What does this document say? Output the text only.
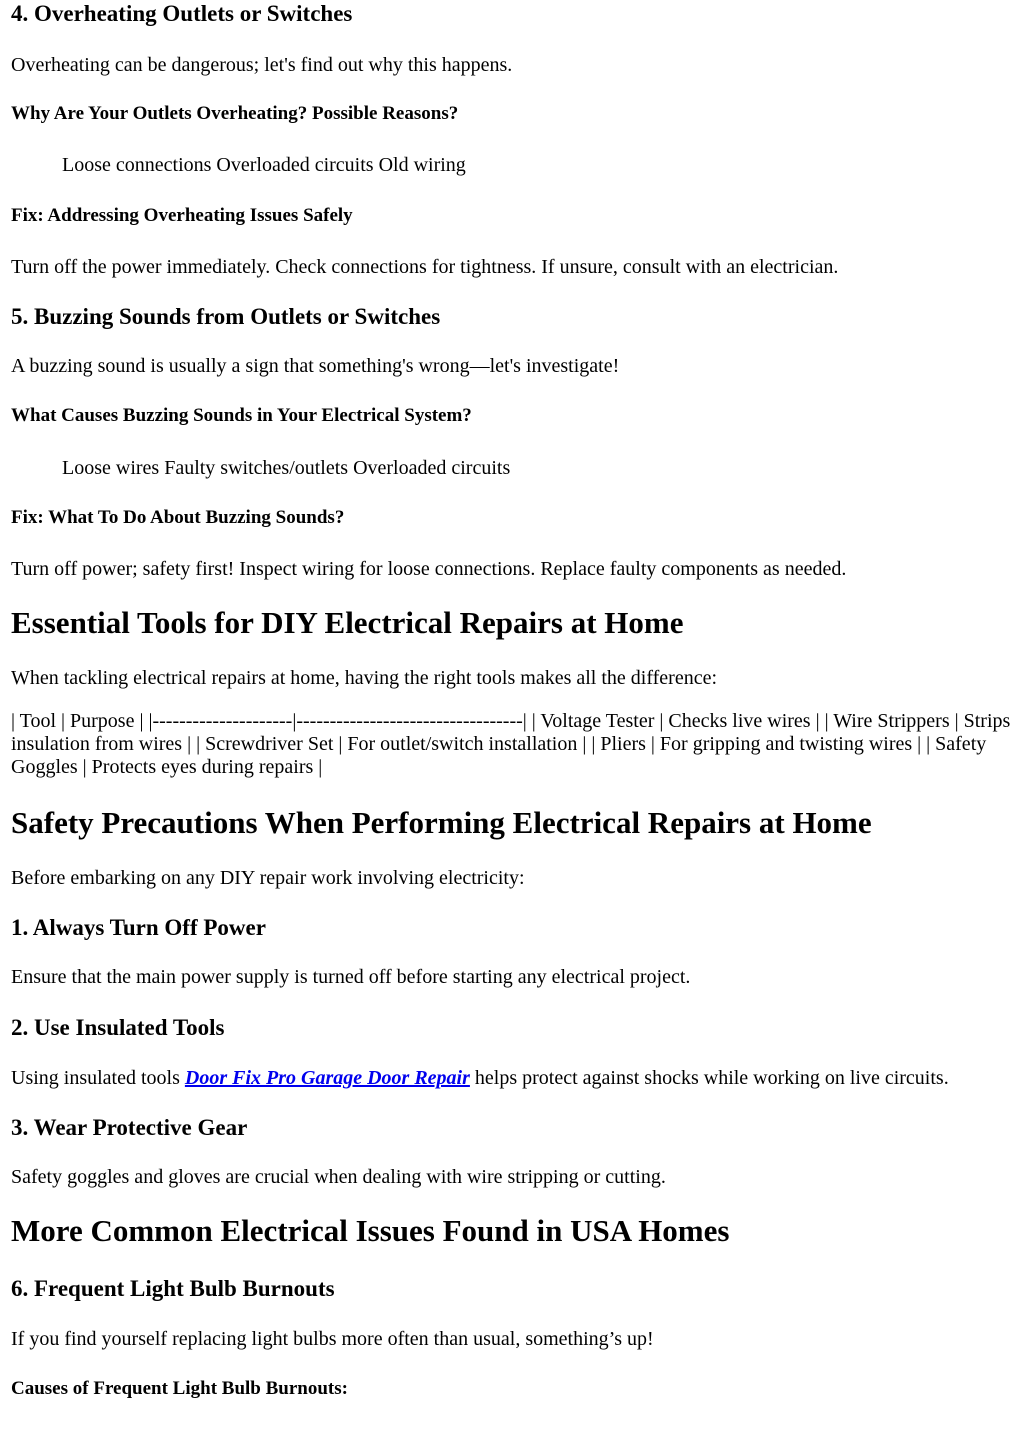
4. Overheating Outlets or Switches
Overheating can be dangerous; let's find out why this happens.
Why Are Your Outlets Overheating? Possible Reasons?
Loose connections Overloaded circuits Old wiring
Fix: Addressing Overheating Issues Safely
Turn off the power immediately. Check connections for tightness. If unsure, consult with an electrician.
5. Buzzing Sounds from Outlets or Switches
A buzzing sound is usually a sign that something's wrong—let's investigate!
What Causes Buzzing Sounds in Your Electrical System?
Loose wires Faulty switches/outlets Overloaded circuits
Fix: What To Do About Buzzing Sounds?
Turn off power; safety first! Inspect wiring for loose connections. Replace faulty components as needed.
Essential Tools for DIY Electrical Repairs at Home
When tackling electrical repairs at home, having the right tools makes all the difference:
| Tool | Purpose | |---------------------|----------------------------------| | Voltage Tester | Checks live wires | | Wire Strippers | Strips insulation from wires | | Screwdriver Set | For outlet/switch installation | | Pliers | For gripping and twisting wires | | Safety Goggles | Protects eyes during repairs |
Safety Precautions When Performing Electrical Repairs at Home
Before embarking on any DIY repair work involving electricity:
1. Always Turn Off Power
Ensure that the main power supply is turned off before starting any electrical project.
2. Use Insulated Tools
Using insulated tools Door Fix Pro Garage Door Repair helps protect against shocks while working on live circuits.
3. Wear Protective Gear
Safety goggles and gloves are crucial when dealing with wire stripping or cutting.
More Common Electrical Issues Found in USA Homes
6. Frequent Light Bulb Burnouts
If you find yourself replacing light bulbs more often than usual, something’s up!
Causes of Frequent Light Bulb Burnouts:
